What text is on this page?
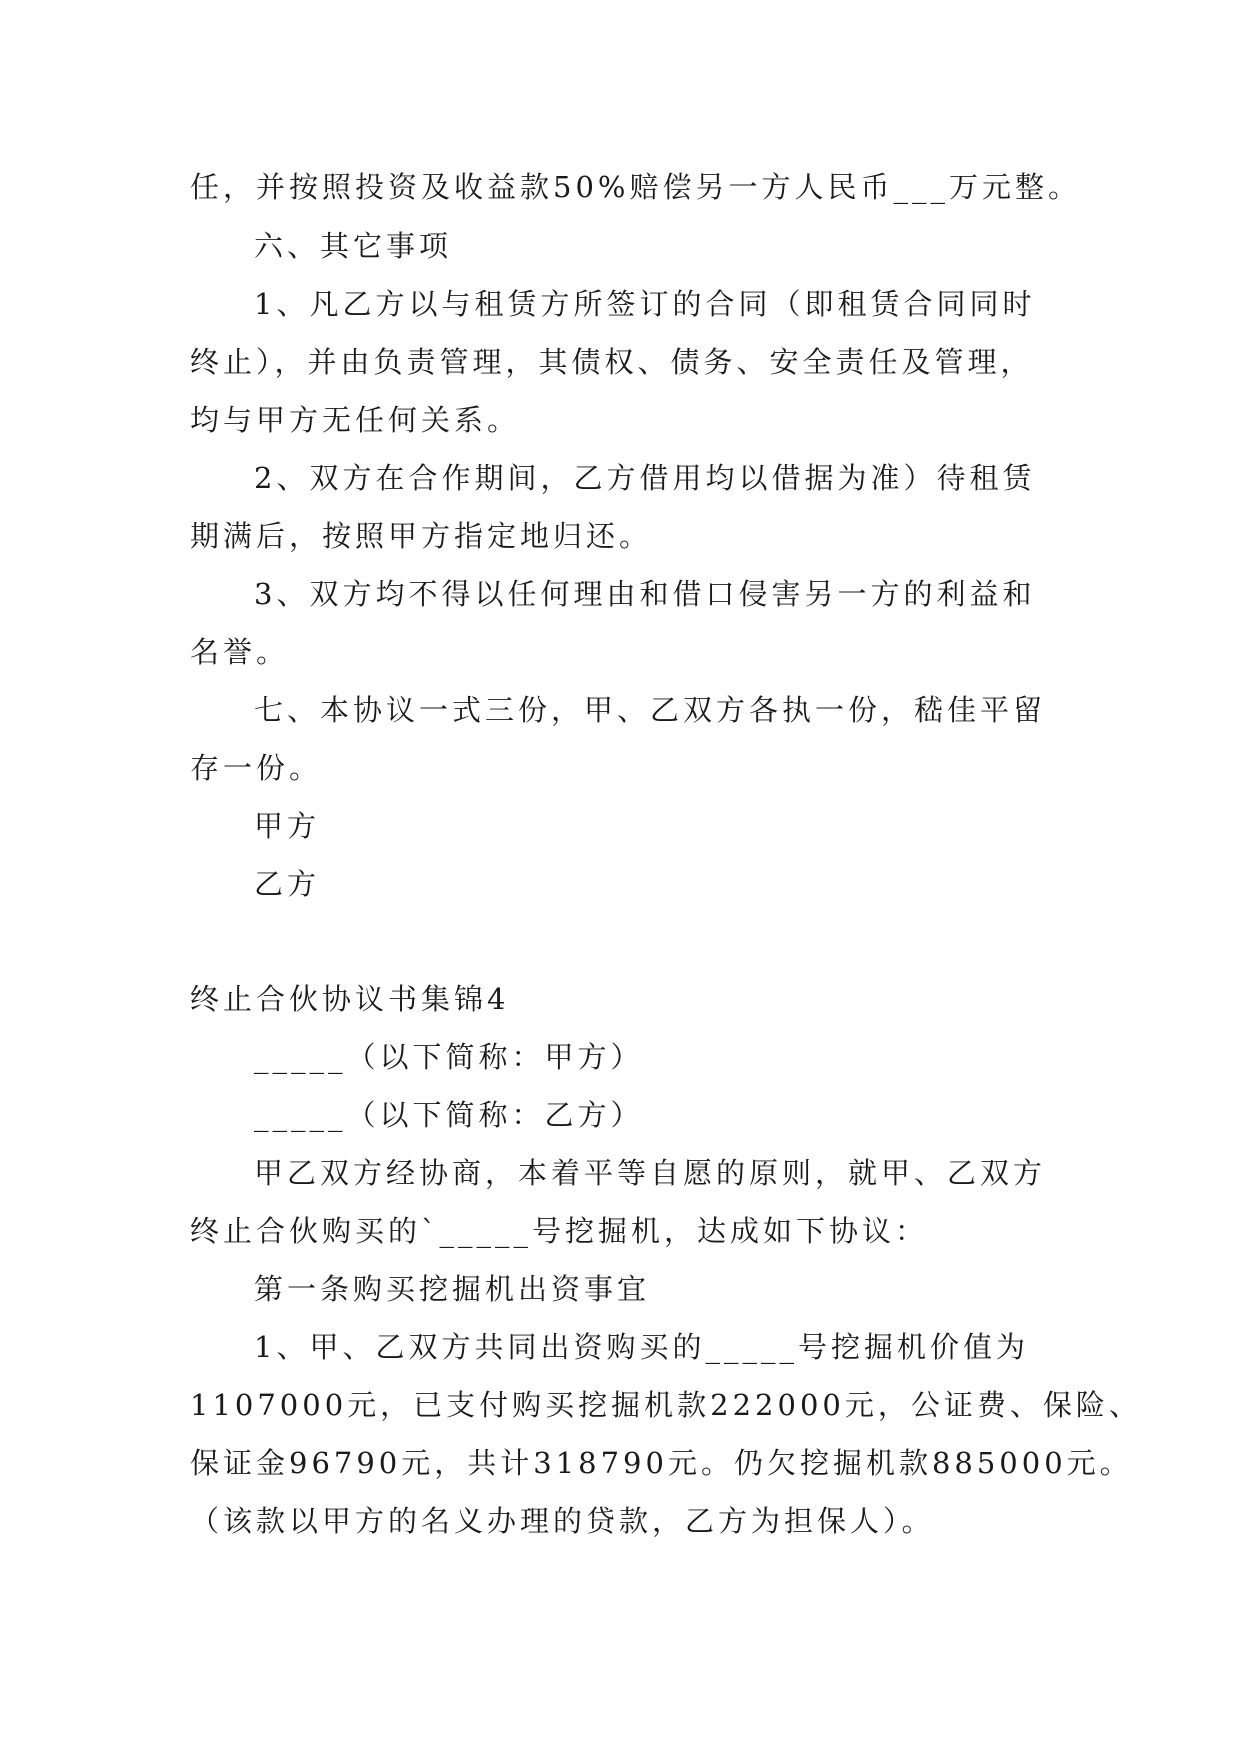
任，并按照投资及收益款50%赔偿另一方人民币___万元整。
六、其它事项
1、凡乙方以与租赁方所签订的合同（即租赁合同同时
终止），并由负责管理，其债权、债务、安全责任及管理，
均与甲方无任何关系。
2、双方在合作期间，乙方借用均以借据为准）待租赁
期满后，按照甲方指定地归还。
3、双方均不得以任何理由和借口侵害另一方的利益和
名誉。
七、本协议一式三份，甲、乙双方各执一份，嵇佳平留
存一份。
甲方
乙方
终止合伙协议书集锦4
_____（以下简称：甲方）
_____（以下简称：乙方）
甲乙双方经协商，本着平等自愿的原则，就甲、乙双方
终止合伙购买的`_____号挖掘机，达成如下协议：
第一条购买挖掘机出资事宜
1、甲、乙双方共同出资购买的_____号挖掘机价值为
1107000元，已支付购买挖掘机款222000元，公证费、保险、
保证金96790元，共计318790元。仍欠挖掘机款885000元。
（该款以甲方的名义办理的贷款，乙方为担保人）。
